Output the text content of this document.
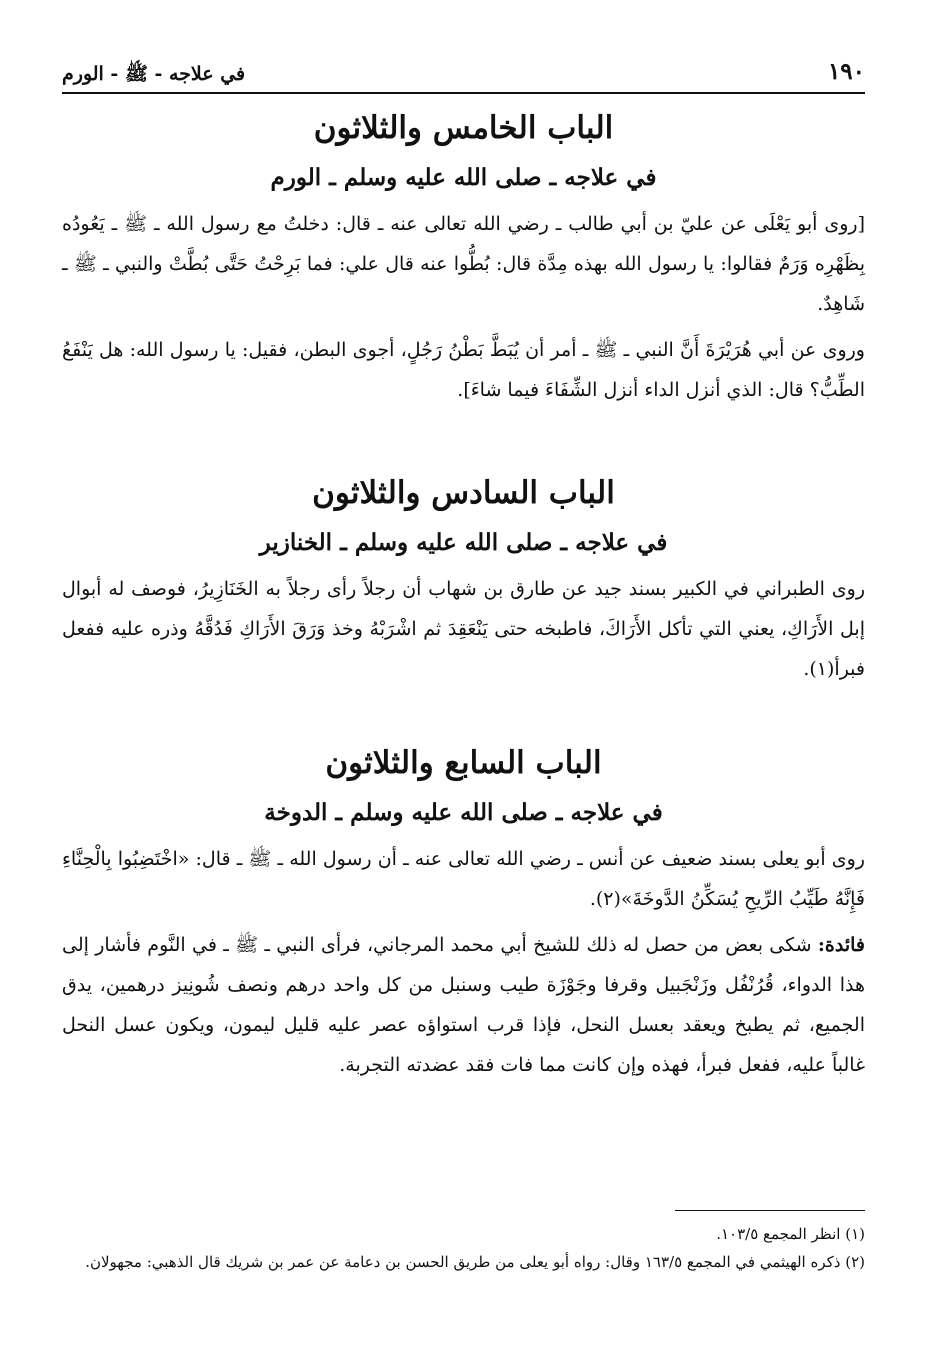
١٩٠
في علاجه - ﷺ - الورم
الباب الخامس والثلاثون
في علاجه ـ صلى الله عليه وسلم ـ الورم

[روى أبو يَعْلَى عن عليّ بن أبي طالب ـ رضي الله تعالى عنه ـ قال: دخلتُ مع رسول الله ـ ﷺ ـ يَعُودُه بِظَهْرِه وَرَمٌ فقالوا: يا رسول الله بهذه مِدَّة قال: بُطُّوا عنه قال علي: فما بَرِحْتُ حَتَّى بُطَّتْ والنبي ـ ﷺ ـ شَاهِدٌ.

وروى عن أبي هُرَيْرَةَ أَنَّ النبي ـ ﷺ ـ أمر أن يُبَطَّ بَطْنُ رَجُلٍ، أجوى البطن، فقيل: يا رسول الله: هل يَنْفَعُ الطِّبُّ؟ قال: الذي أنزل الداء أنزل الشِّفَاءَ فيما شاءَ].

الباب السادس والثلاثون
في علاجه ـ صلى الله عليه وسلم ـ الخنازير

روى الطبراني في الكبير بسند جيد عن طارق بن شهاب أن رجلاً رأى رجلاً به الخَنَازِيرُ، فوصف له أبوال إبل الأَرَاكِ، يعني التي تأكل الأَرَاكَ، فاطبخه حتى يَنْعَقِدَ ثم اشْرَبْهُ وخذ وَرَقَ الأَرَاكِ فَدُقَّهُ وذره عليه ففعل فبرأ(١).

الباب السابع والثلاثون
في علاجه ـ صلى الله عليه وسلم ـ الدوخة

روى أبو يعلى بسند ضعيف عن أنس ـ رضي الله تعالى عنه ـ أن رسول الله ـ ﷺ ـ قال: «اخْتَضِبُوا بِالْحِنَّاءِ فَإِنَّهُ طَيِّبُ الرِّيحِ يُسَكِّنُ الدَّوخَةَ»(٢).

فائدة: شكى بعض من حصل له ذلك للشيخ أبي محمد المرجاني، فرأى النبي ـ ﷺ ـ في النَّوم فأشار إلى هذا الدواء، قُرُنْفُل وزَنْجَبيل وقرفا وجَوْزَة طيب وسنبل من كل واحد درهم ونصف شُونِيز درهمين، يدق الجميع، ثم يطبخ ويعقد بعسل النحل، فإذا قرب استواؤه عصر عليه قليل ليمون، ويكون عسل النحل غالباً عليه، ففعل فبرأ، فهذه وإن كانت مما فات فقد عضدته التجربة.

(١) انظر المجمع ١٠٣/٥.

(٢) ذكره الهيثمي في المجمع ١٦٣/٥ وقال: رواه أبو يعلى من طريق الحسن بن دعامة عن عمر بن شريك قال الذهبي: مجهولان.
